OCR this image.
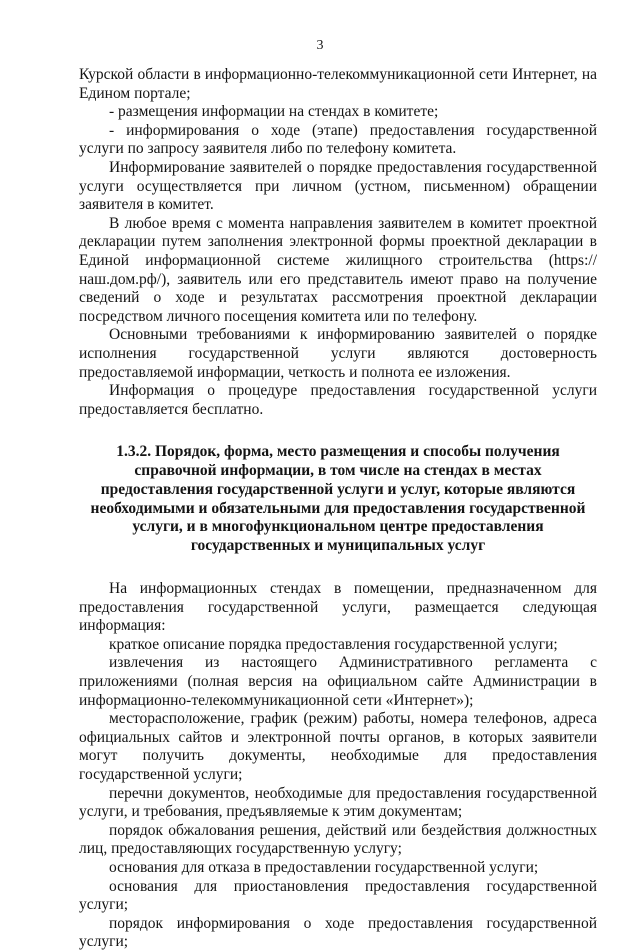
3

Курской области в информационно-телекоммуникационной сети Интернет, на Едином портале;

- размещения информации на стендах в комитете;

- информирования о ходе (этапе) предоставления государственной услуги по запросу заявителя либо по телефону комитета.

Информирование заявителей о порядке предоставления государственной услуги осуществляется при личном (устном, письменном) обращении заявителя в комитет.

В любое время с момента направления заявителем в комитет проектной декларации путем заполнения электронной формы проектной декларации в Единой информационной системе жилищного строительства (https://наш.дом.рф/), заявитель или его представитель имеют право на получение сведений о ходе и результатах рассмотрения проектной декларации посредством личного посещения комитета или по телефону.

Основными требованиями к информированию заявителей о порядке исполнения государственной услуги являются достоверность предоставляемой информации, четкость и полнота ее изложения.

Информация о процедуре предоставления государственной услуги предоставляется бесплатно.

1.3.2. Порядок, форма, место размещения и способы получения справочной информации, в том числе на стендах в местах предоставления государственной услуги и услуг, которые являются необходимыми и обязательными для предоставления государственной услуги, и в многофункциональном центре предоставления государственных и муниципальных услуг

На информационных стендах в помещении, предназначенном для предоставления государственной услуги, размещается следующая информация:

краткое описание порядка предоставления государственной услуги;

извлечения из настоящего Административного регламента с приложениями (полная версия на официальном сайте Администрации в информационно-телекоммуникационной сети «Интернет»);

месторасположение, график (режим) работы, номера телефонов, адреса официальных сайтов и электронной почты органов, в которых заявители могут получить документы, необходимые для предоставления государственной услуги;

перечни документов, необходимые для предоставления государственной услуги, и требования, предъявляемые к этим документам;

порядок обжалования решения, действий или бездействия должностных лиц, предоставляющих государственную услугу;

основания для отказа в предоставлении государственной услуги;

основания для приостановления предоставления государственной услуги;

порядок информирования о ходе предоставления государственной услуги;
